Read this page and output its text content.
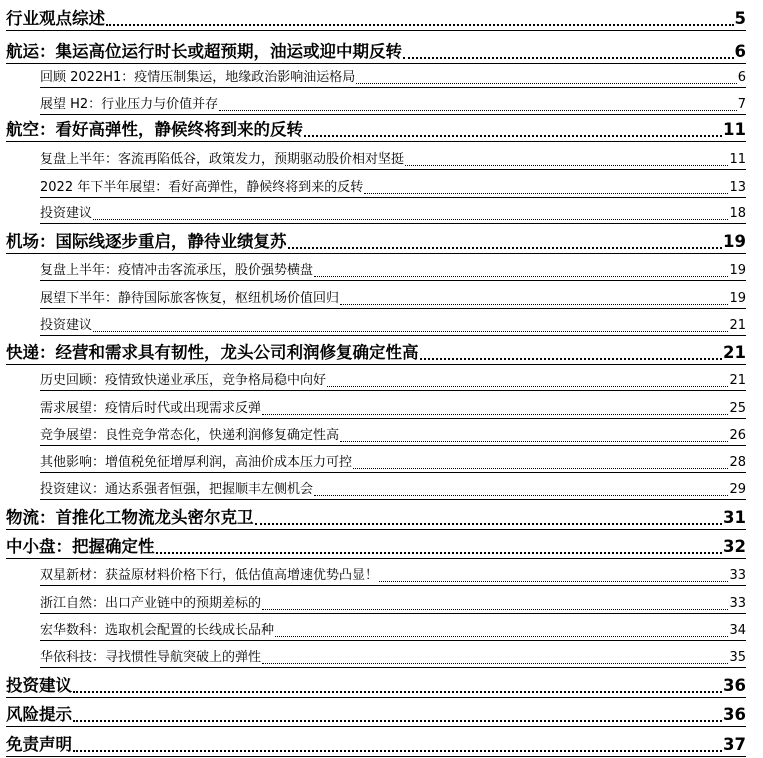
行业观点综述	5
航运：集运高位运行时长或超预期，油运或迎中期反转	6
回顾 2022H1：疫情压制集运，地缘政治影响油运格局	6
展望 H2：行业压力与价值并存	7
航空：看好高弹性，静候终将到来的反转	11
复盘上半年：客流再陷低谷，政策发力，预期驱动股价相对坚挺	11
2022 年下半年展望：看好高弹性，静候终将到来的反转	13
投资建议	18
机场：国际线逐步重启，静待业绩复苏	19
复盘上半年：疫情冲击客流承压，股价强势横盘	19
展望下半年：静待国际旅客恢复，枢纽机场价值回归	19
投资建议	21
快递：经营和需求具有韧性，龙头公司利润修复确定性高	21
历史回顾：疫情致快递业承压，竞争格局稳中向好	21
需求展望：疫情后时代或出现需求反弹	25
竞争展望：良性竞争常态化，快递利润修复确定性高	26
其他影响：增值税免征增厚利润，高油价成本压力可控	28
投资建议：通达系强者恒强，把握顺丰左侧机会	29
物流：首推化工物流龙头密尔克卫	31
中小盘：把握确定性	32
双星新材：获益原材料价格下行，低估值高增速优势凸显！	33
浙江自然：出口产业链中的预期差标的	33
宏华数科：选取机会配置的长线成长品种	34
华依科技：寻找惯性导航突破上的弹性	35
投资建议	36
风险提示	36
免责声明	37
